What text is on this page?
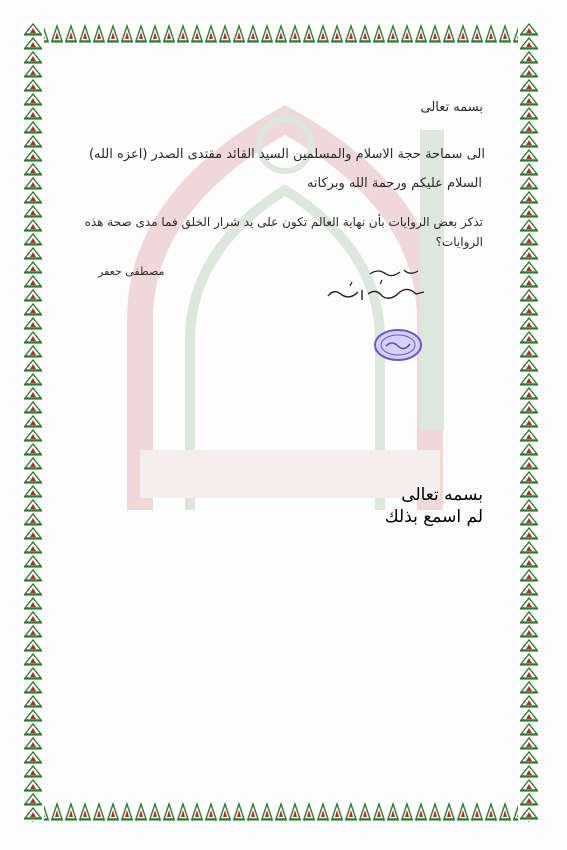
بسمه تعالى
الى سماحة حجة الاسلام والمسلمين السيد القائد مقتدى الصدر (اعزه الله)
السلام عليكم ورحمة الله وبركاته
تذكر بعض الروايات بأن نهاية العالم تكون على يد شرار الخلق فما مدى صحة هذه الروايات؟
مصطفى جعفر
بسمه تعالى
لم اسمع بذلك
